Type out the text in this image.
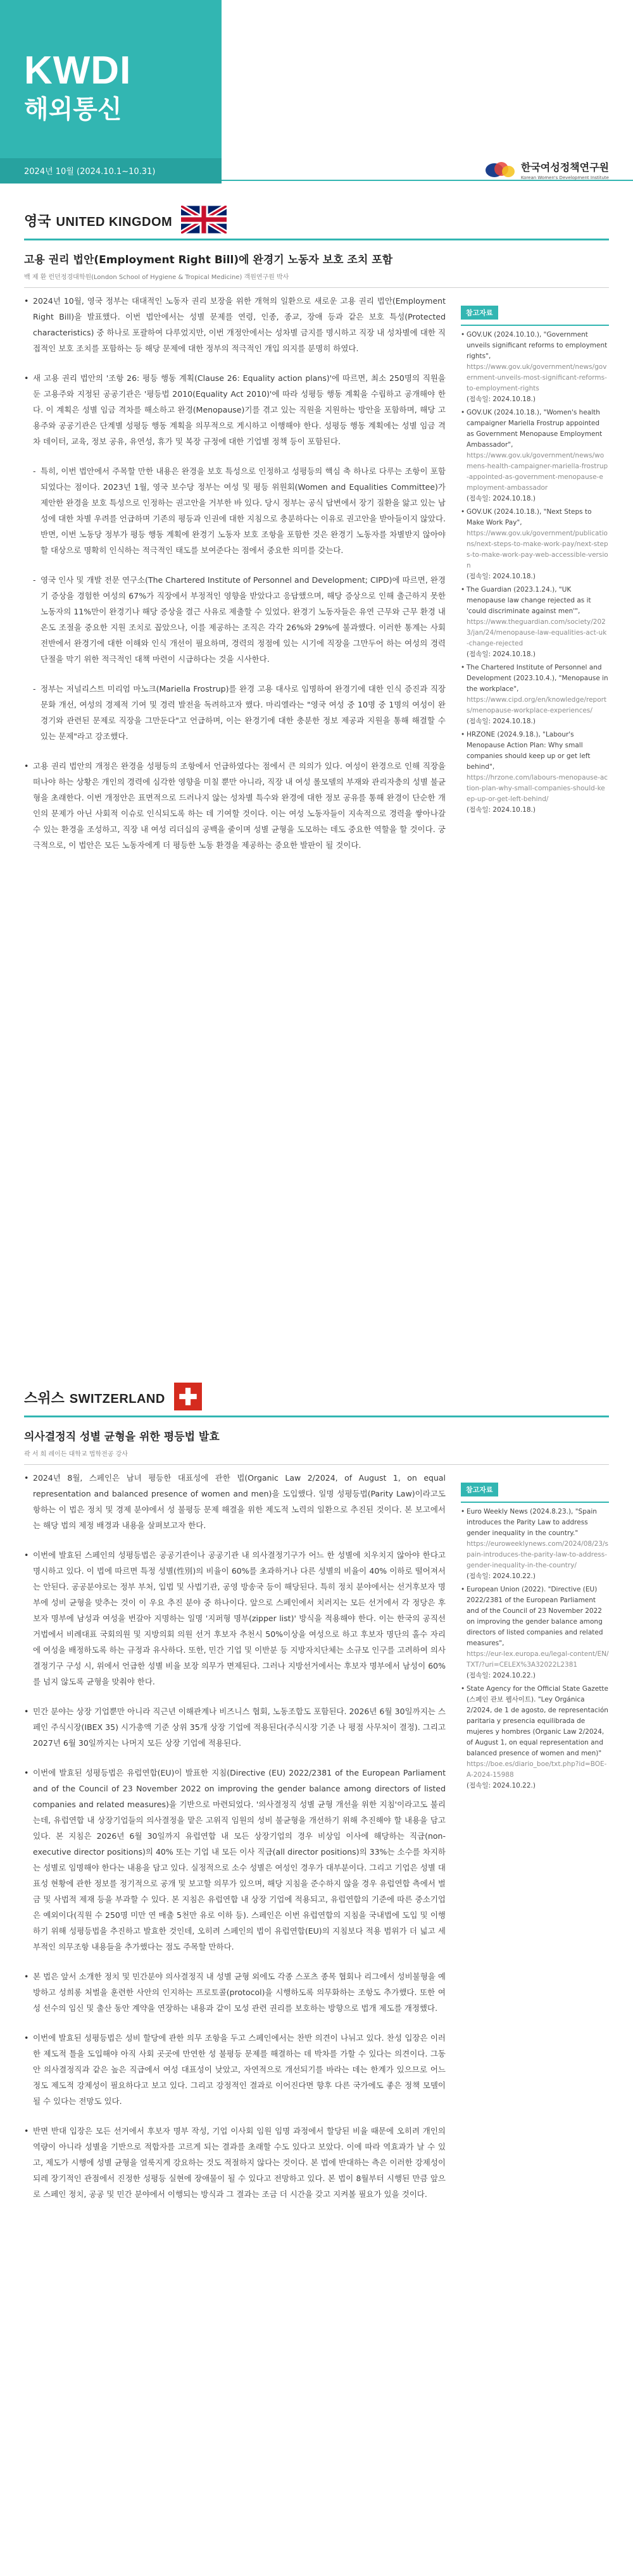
KWDI
해외통신
2024년 10월 (2024.10.1~10.31)	한국여성정책연구원
Korean Women's Development Institute
영국 UNITED KINGDOM
고용 권리 법안(Employment Right Bill)에 완경기 노동자 보호 조치 포함
백 제 환 런던정경대학원(London School of Hygiene & Tropical Medicine) 객원연구원 박사

• 2024년 10월, 영국 정부는 대대적인 노동자 권리 보장을 위한 개혁의 일환으로 새로운 고용 권리 법안(Employment Right Bill)을 발표했다. 이번 법안에서는 성별 문제를 연령, 인종, 종교, 장애 등과 같은 보호 특성(Protected characteristics) 중 하나로 포괄하여 다루었지만, 이번 개정안에서는 성차별 금지를 명시하고 직장 내 성차별에 대한 직접적인 보호 조치를 포함하는 등 해당 문제에 대한 정부의 적극적인 개입 의지를 분명히 하였다.

• 새 고용 권리 법안의 '조항 26: 평등 행동 계획(Clause 26: Equality action plans)'에 따르면, 최소 250명의 직원을 둔 고용주와 지정된 공공기관은 '평등법 2010(Equality Act 2010)'에 따라 성평등 행동 계획을 수립하고 공개해야 한다. 이 계획은 성별 임금 격차를 해소하고 완경(Menopause)기를 겪고 있는 직원을 지원하는 방안을 포함하며, 해당 고용주와 공공기관은 단계별 성평등 행동 계획을 의무적으로 게시하고 이행해야 한다. 성평등 행동 계획에는 성별 임금 격차 데이터, 교육, 정보 공유, 유연성, 휴가 및 복장 규정에 대한 기업별 정책 등이 포함된다.

- 특히, 이번 법안에서 주목할 만한 내용은 완경을 보호 특성으로 인정하고 성평등의 핵심 축 하나로 다루는 조항이 포함되었다는 점이다. 2023년 1월, 영국 보수당 정부는 여성 및 평등 위원회(Women and Equalities Committee)가 제안한 완경을 보호 특성으로 인정하는 권고안을 거부한 바 있다. 당시 정부는 공식 답변에서 장기 질환을 앓고 있는 남성에 대한 차별 우려를 언급하며 기존의 평등과 인권에 대한 지침으로 충분하다는 이유로 권고안을 받아들이지 않았다. 반면, 이번 노동당 정부가 평등 행동 계획에 완경기 노동자 보호 조항을 포함한 것은 완경기 노동자를 차별받지 않아야 할 대상으로 명확히 인식하는 적극적인 태도를 보여준다는 점에서 중요한 의미를 갖는다.

- 영국 인사 및 개발 전문 연구소(The Chartered Institute of Personnel and Development; CIPD)에 따르면, 완경기 증상을 경험한 여성의 67%가 직장에서 부정적인 영향을 받았다고 응답했으며, 해당 증상으로 인해 출근하지 못한 노동자의 11%만이 완경기나 해당 증상을 결근 사유로 제출할 수 있었다. 완경기 노동자들은 유연 근무와 근무 환경 내 온도 조절을 중요한 지원 조치로 꼽았으나, 이를 제공하는 조직은 각각 26%와 29%에 불과했다. 이러한 통계는 사회 전반에서 완경기에 대한 이해와 인식 개선이 필요하며, 경력의 정점에 있는 시기에 직장을 그만두어 하는 여성의 경력 단절을 막기 위한 적극적인 대책 마련이 시급하다는 것을 시사한다.

- 정부는 저널리스트 미리엄 마노크(Mariella Frostrup)를 완경 고용 대사로 임명하여 완경기에 대한 인식 증진과 직장문화 개선, 여성의 경제적 기여 및 경력 발전을 독려하고자 했다. 마리엘라는 "영국 여성 중 10명 중 1명의 여성이 완경기와 관련된 문제로 직장을 그만둔다"고 언급하며, 이는 완경기에 대한 충분한 정보 제공과 지원을 통해 해결할 수 있는 문제"라고 강조했다.

• 고용 권리 법안의 개정은 완경을 성평등의 조항에서 언급하였다는 점에서 큰 의의가 있다. 여성이 완경으로 인해 직장을 떠나야 하는 상황은 개인의 경력에 심각한 영향을 미칠 뿐만 아니라, 직장 내 여성 롤모델의 부재와 관리자층의 성별 불균형을 초래한다. 이번 개정안은 표면적으로 드러나지 않는 성차별 특수와 완경에 대한 정보 공유를 통해 완경이 단순한 개인의 문제가 아닌 사회적 이슈로 인식되도록 하는 데 기여할 것이다. 이는 여성 노동자들이 지속적으로 경력을 쌓아나갈 수 있는 환경을 조성하고, 직장 내 여성 리더십의 공백을 줄이며 성별 균형을 도모하는 데도 중요한 역할을 할 것이다. 궁극적으로, 이 법안은 모든 노동자에게 더 평등한 노동 환경을 제공하는 중요한 발판이 될 것이다.

참고자료
• GOV.UK (2024.10.10.), "Government unveils significant reforms to employment rights",
https://www.gov.uk/government/news/government-unveils-most-significant-reforms-to-employment-rights
(접속일: 2024.10.18.)
• GOV.UK (2024.10.18.), "Women's health campaigner Mariella Frostrup appointed as Government Menopause Employment Ambassador",
https://www.gov.uk/government/news/womens-health-campaigner-mariella-frostrup-appointed-as-government-menopause-employment-ambassador
(접속일: 2024.10.18.)
• GOV.UK (2024.10.18.), "Next Steps to Make Work Pay",
https://www.gov.uk/government/publications/next-steps-to-make-work-pay/next-steps-to-make-work-pay-web-accessible-version
(접속일: 2024.10.18.)
• The Guardian (2023.1.24.), "UK menopause law change rejected as it 'could discriminate against men'",
https://www.theguardian.com/society/2023/jan/24/menopause-law-equalities-act-uk-change-rejected
(접속일: 2024.10.18.)
• The Chartered Institute of Personnel and Development (2023.10.4.), "Menopause in the workplace",
https://www.cipd.org/en/knowledge/reports/menopause-workplace-experiences/
(접속일: 2024.10.18.)
• HRZONE (2024.9.18.), "Labour's Menopause Action Plan: Why small companies should keep up or get left behind",
https://hrzone.com/labours-menopause-action-plan-why-small-companies-should-keep-up-or-get-left-behind/
(접속일: 2024.10.18.)
스위스 SWITZERLAND
의사결정직 성별 균형을 위한 평등법 발효
곽 서 희 레이든 대학교 법학전공 강사

• 2024년 8월, 스페인은 남녀 평등한 대표성에 관한 법(Organic Law 2/2024, of August 1, on equal representation and balanced presence of women and men)을 도입했다. 일명 성평등법(Parity Law)이라고도 항하는 이 법은 정치 및 경제 분야에서 성 불평등 문제 해결을 위한 제도적 노력의 일환으로 추진된 것이다. 본 보고에서는 해당 법의 제정 배경과 내용을 살펴보고자 한다.

• 이번에 발효된 스페인의 성평등법은 공공기관이나 공공기관 내 의사결정기구가 어느 한 성별에 치우치지 않아야 한다고 명시하고 있다. 이 법에 따르면 특정 성별(性別)의 비율이 60%를 초과하거나 다른 성별의 비율이 40% 이하로 떨어져서는 안된다. 공공분야로는 정부 부처, 입법 및 사법기관, 공영 방송국 등이 해당된다. 특히 정치 분야에서는 선거후보자 명부에 성비 균형을 맞추는 것이 이 우요 추진 분야 중 하나이다. 앞으로 스페인에서 치러지는 모든 선거에서 각 정당은 후보자 명부에 남성과 여성을 번갈아 지명하는 일명 '지퍼형 명부(zipper list)' 방식을 적용해야 한다. 이는 한국의 공직선거법에서 비례대표 국회의원 및 지방의회 의원 선거 후보자 추천시 50%이상을 여성으로 하고 후보자 명단의 홀수 자리에 여성을 배정하도록 하는 규정과 유사하다. 또한, 민간 기업 및 이반분 등 지방자치단체는 소규모 인구를 고려하여 의사결정기구 구성 시, 위에서 언급한 성별 비율 보장 의무가 면제된다. 그러나 지방선거에서는 후보자 명부에서 남성이 60%를 넘지 않도록 균형을 맞춰야 한다.

• 민간 분야는 상장 기업뿐만 아니라 직근년 이해관계나 비즈니스 협회, 노동조합도 포함된다. 2026년 6월 30일까지는 스페인 주식시장(IBEX 35) 시가총액 기준 상위 35개 상장 기업에 적용된다(주식시장 기준 나 평점 사무처이 결정). 그리고 2027년 6월 30일까지는 나머지 모든 상장 기업에 적용된다.

• 이번에 발효된 성평등법은 유럽연합(EU)이 발표한 지침(Directive (EU) 2022/2381 of the European Parliament and of the Council of 23 November 2022 on improving the gender balance among directors of listed companies and related measures)을 기반으로 마련되었다. '의사결정직 성별 균형 개선을 위한 지침'이라고도 불리는데, 유럽연합 내 상장기업들의 의사결정을 맡은 고위직 임원의 성비 불균형을 개선하기 위해 추진해야 할 내용을 담고 있다. 본 지침은 2026년 6월 30일까지 유럽연합 내 모든 상장기업의 경우 비상임 이사에 해당하는 직급(non-executive director positions)의 40% 또는 기업 내 모든 이사 직급(all director positions)의 33%는 소수를 차지하는 성별로 임명해야 한다는 내용을 담고 있다. 실정적으로 소수 성별은 여성인 경우가 대부분이다. 그리고 기업은 성별 대표성 현황에 관한 정보를 정기적으로 공개 및 보고할 의무가 있으며, 해당 지침을 준수하지 않을 경우 유럽연합 측에서 벌금 및 사법적 제재 등을 부과할 수 있다. 본 지침은 유럽연합 내 상장 기업에 적용되고, 유럽연합의 기준에 따른 중소기업은 예외이다(직원 수 250명 미만 연 매출 5천만 유로 이하 등). 스페인은 이번 유럽연합의 지침을 국내법에 도입 및 이행하기 위해 성평등법을 추진하고 발효한 것인데, 오히려 스페인의 법이 유럽연합(EU)의 지침보다 적용 범위가 더 넓고 세부적인 의무조항 내용들을 추가했다는 점도 주목할 만하다.

• 본 법은 앞서 소개한 정치 및 민간분야 의사결정직 내 성별 균형 외에도 각종 스포츠 종목 협회나 리그에서 성비불형을 예방하고 성희롱 처벌을 훈련한 사안의 인지하는 프로토콜(protocol)을 시행하도록 의무화하는 조항도 추가했다. 또한 여성 선수의 임신 및 출산 동안 계약을 연장하는 내용과 같이 모성 관련 권리를 보호하는 방향으로 법개 제도를 개정했다.

• 이번에 발효된 성평등법은 성비 할당에 관한 의무 조항을 두고 스페인에서는 찬반 의견이 나뉘고 있다. 찬성 입장은 이러한 제도적 틀을 도입해야 아직 사회 곳곳에 만연한 성 불평등 문제를 해결하는 데 박차를 가할 수 있다는 의견이다. 그동안 의사결정직과 같은 높은 직급에서 여성 대표성이 낮았고, 자연적으로 개선되기를 바라는 데는 한계가 있으므로 어느 정도 제도적 강제성이 필요하다고 보고 있다. 그리고 강정적인 결과로 이어진다면 향후 다른 국가에도 좋은 정책 모델이 될 수 있다는 전망도 있다.

• 반면 반대 입장은 모든 선거에서 후보자 명부 작성, 기업 이사회 임원 임명 과정에서 할당된 비율 때문에 오히려 개인의 역량이 아니라 성별을 기반으로 적합자를 고르게 되는 결과를 초래할 수도 있다고 보았다. 이에 따라 역효과가 날 수 있고, 제도가 시행에 성별 균형을 얼룩지게 강요하는 것도 적절하지 않다는 것이다. 본 법에 반대하는 측은 이러한 강제성이 되레 장기적인 관점에서 진정한 성평등 실현에 장애물이 될 수 있다고 전망하고 있다. 본 법이 8월부터 시행된 만큼 앞으로 스페인 정치, 공공 및 민간 분야에서 이행되는 방식과 그 결과는 조금 더 시간을 갖고 지켜볼 필요가 있을 것이다.

참고자료
• Euro Weekly News (2024.8.23.), "Spain introduces the Parity Law to address gender inequality in the country."
https://euroweeklynews.com/2024/08/23/spain-introduces-the-parity-law-to-address-gender-inequality-in-the-country/
(접속일: 2024.10.22.)
• European Union (2022). "Directive (EU) 2022/2381 of the European Parliament and of the Council of 23 November 2022 on improving the gender balance among directors of listed companies and related measures",
https://eur-lex.europa.eu/legal-content/EN/TXT/?uri=CELEX%3A32022L2381
(접속일: 2024.10.22.)
• State Agency for the Official State Gazette (스페인 관보 웹사이트). "Ley Orgánica 2/2024, de 1 de agosto, de representación paritaria y presencia equilibrada de mujeres y hombres (Organic Law 2/2024, of August 1, on equal representation and balanced presence of women and men)"
https://boe.es/diario_boe/txt.php?id=BOE-A-2024-15988
(접속일: 2024.10.22.)
